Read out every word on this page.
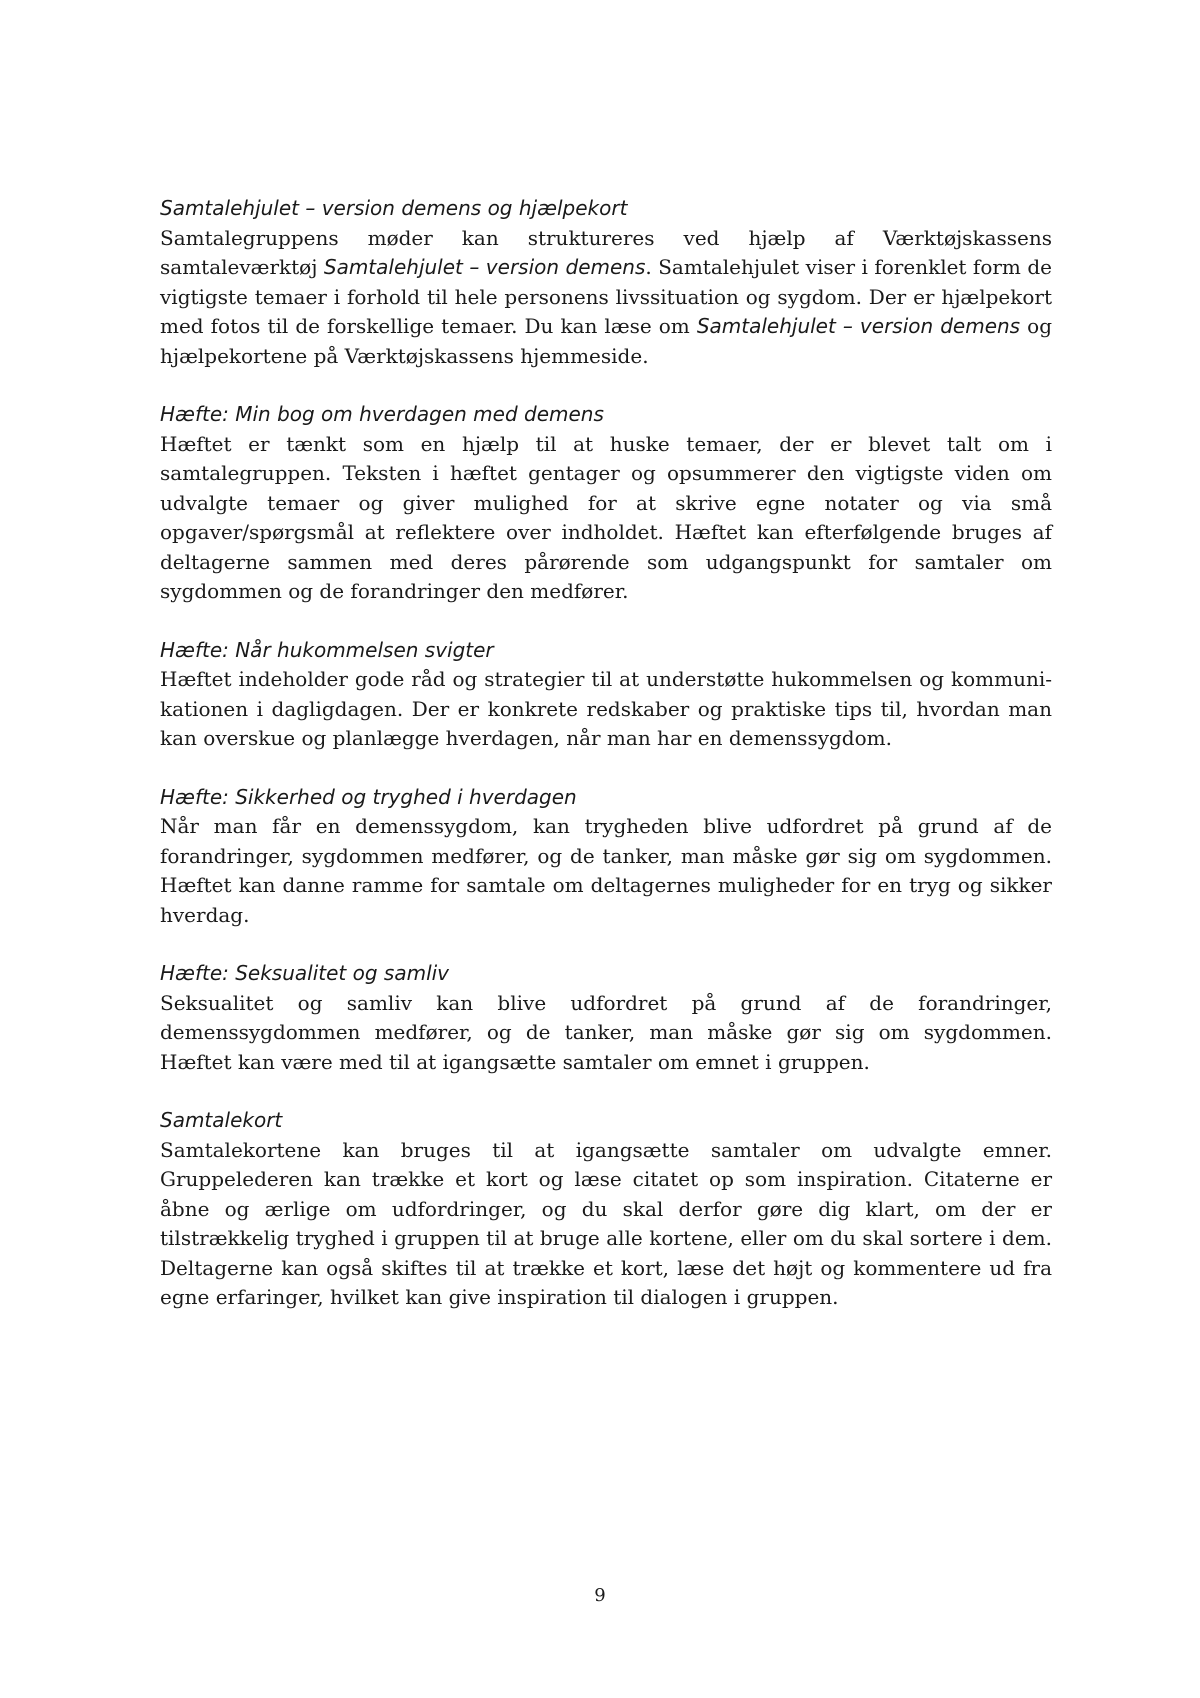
Samtalehjulet – version demens og hjælpekort

Samtalegruppens møder kan struktureres ved hjælp af Værktøjskassens samtaleværktøj Samtalehjulet – version demens. Samtalehjulet viser i forenklet form de vigtigste temaer i forhold til hele personens livssituation og sygdom. Der er hjælpekort med fotos til de forskellige temaer. Du kan læse om Samtalehjulet – version demens og hjælpekortene på Værktøjskassens hjemmeside.

Hæfte: Min bog om hverdagen med demens

Hæftet er tænkt som en hjælp til at huske temaer, der er blevet talt om i samtalegruppen. Teksten i hæftet gentager og opsummerer den vigtigste viden om udvalgte temaer og giver mulighed for at skrive egne notater og via små opgaver/spørgsmål at reflektere over indholdet. Hæftet kan efterfølgende bruges af deltagerne sammen med deres pårørende som udgangspunkt for samtaler om sygdommen og de forandringer den medfører.

Hæfte: Når hukommelsen svigter

Hæftet indeholder gode råd og strategier til at understøtte hukommelsen og kommunikationen i dagligdagen. Der er konkrete redskaber og praktiske tips til, hvordan man kan overskue og planlægge hverdagen, når man har en demenssygdom.

Hæfte: Sikkerhed og tryghed i hverdagen

Når man får en demenssygdom, kan trygheden blive udfordret på grund af de forandringer, sygdommen medfører, og de tanker, man måske gør sig om sygdommen. Hæftet kan danne ramme for samtale om deltagernes muligheder for en tryg og sikker hverdag.

Hæfte: Seksualitet og samliv

Seksualitet og samliv kan blive udfordret på grund af de forandringer, demenssygdommen medfører, og de tanker, man måske gør sig om sygdommen. Hæftet kan være med til at igangsætte samtaler om emnet i gruppen.

Samtalekort

Samtalekortene kan bruges til at igangsætte samtaler om udvalgte emner. Gruppelederen kan trække et kort og læse citatet op som inspiration. Citaterne er åbne og ærlige om udfordringer, og du skal derfor gøre dig klart, om der er tilstrækkelig tryghed i gruppen til at bruge alle kortene, eller om du skal sortere i dem. Deltagerne kan også skiftes til at trække et kort, læse det højt og kommentere ud fra egne erfaringer, hvilket kan give inspiration til dialogen i gruppen.

9
